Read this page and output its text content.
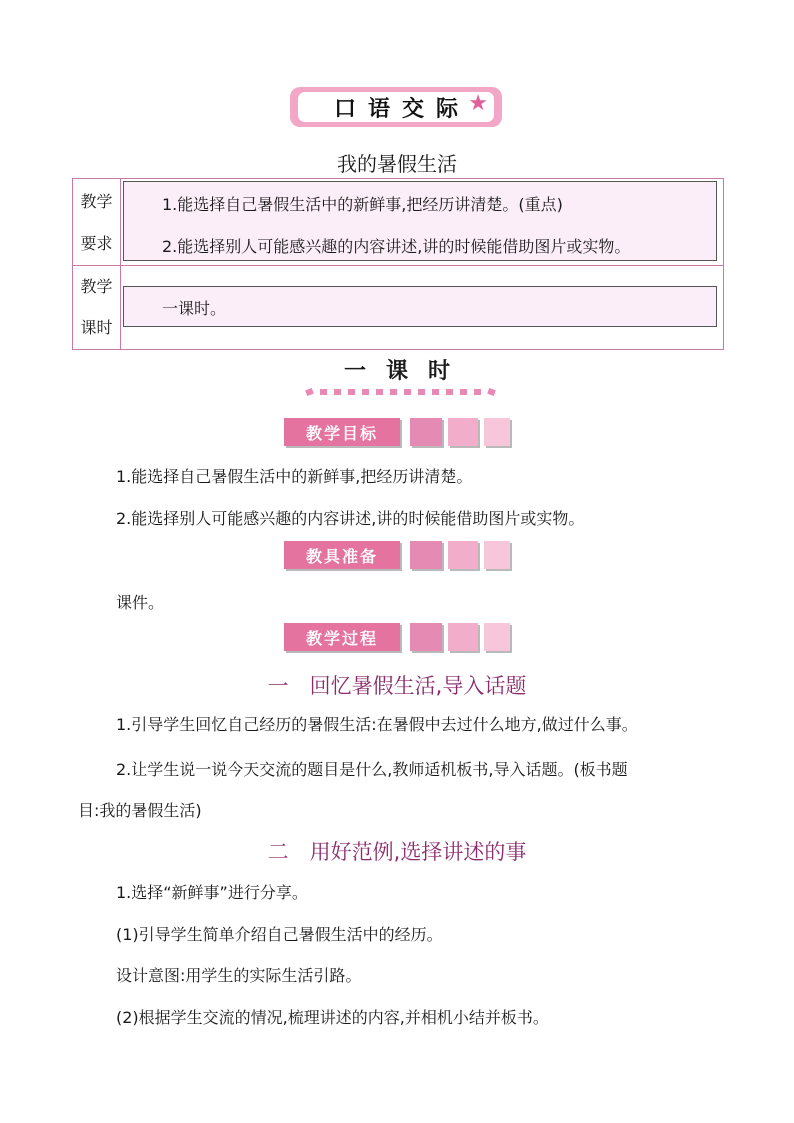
口语交际
★
我的暑假生活
教学
要求
1.能选择自己暑假生活中的新鲜事,把经历讲清楚。(重点)
2.能选择别人可能感兴趣的内容讲述,讲的时候能借助图片或实物。
教学
课时
一课时。
一课时
教学目标
1.能选择自己暑假生活中的新鲜事,把经历讲清楚。
2.能选择别人可能感兴趣的内容讲述,讲的时候能借助图片或实物。
教具准备
课件。
教学过程
一　回忆暑假生活,导入话题
1.引导学生回忆自己经历的暑假生活:在暑假中去过什么地方,做过什么事。
2.让学生说一说今天交流的题目是什么,教师适机板书,导入话题。(板书题
目:我的暑假生活)
二　用好范例,选择讲述的事
1.选择“新鲜事”进行分享。
(1)引导学生简单介绍自己暑假生活中的经历。
设计意图:用学生的实际生活引路。
(2)根据学生交流的情况,梳理讲述的内容,并相机小结并板书。
